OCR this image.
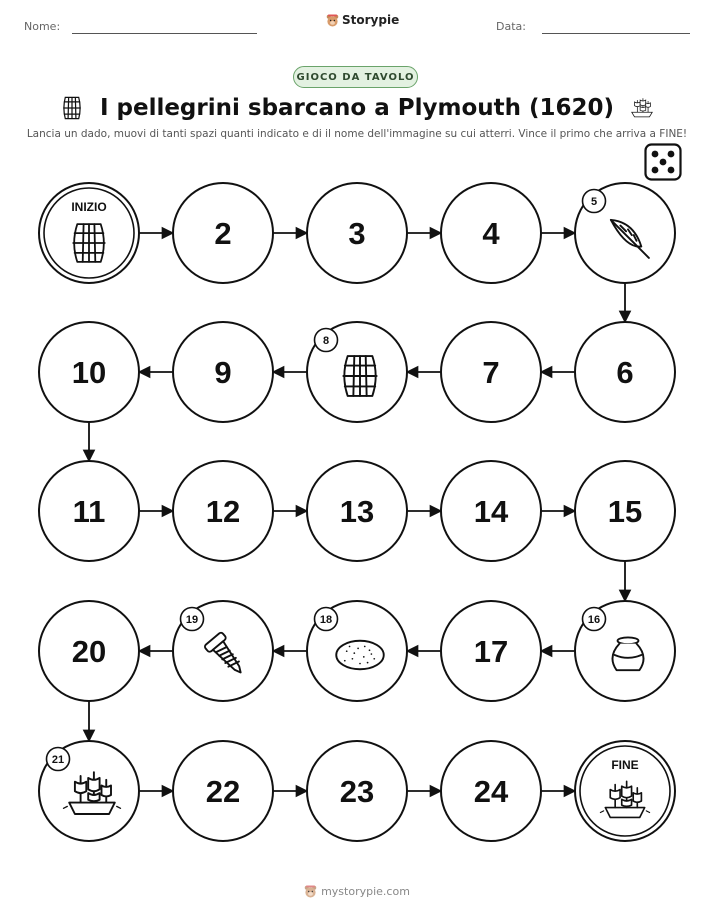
Nome:	Storypie	Data:
GIOCO DA TAVOLO
I pellegrini sbarcano a Plymouth (1620)
Lancia un dado, muovi di tanti spazi quanti indicato e di il nome dell'immagine su cui atterri. Vince il primo che arriva a FINE!
INIZIO
2	3	4
5
6
7
8
9
10
11	12	13	14	15
16
17
18
19
20
21
22	23	24
FINE
mystorypie.com
